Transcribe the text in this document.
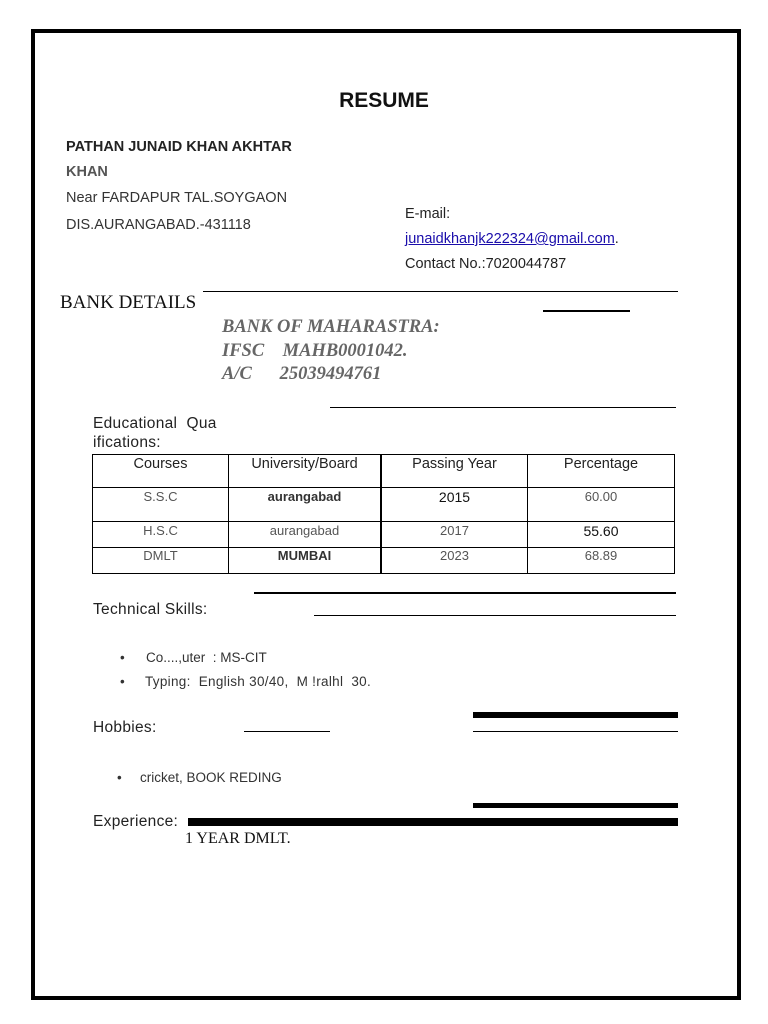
RESUME
PATHAN JUNAID KHAN AKHTAR
KHAN
Near FARDAPUR TAL.SOYGAON
DIS.AURANGABAD.-431118
E-mail:
junaidkhanjk222324@gmail.com.
Contact No.:7020044787
BANK DETAILS
BANK OF MAHARASTRA:
IFSC    MAHB0001042.
A/C      25039494761
Educational  Qua
ifications:
Courses	University/Board	Passing Year	Percentage
S.S.C	aurangabad	2015	60.00
H.S.C	aurangabad	2017	55.60
DMLT	MUMBAI	2023	68.89
Technical Skills:
• Co....,uter  : MS-CIT
• Typing:  English 30/40,  M !ralhl  30.
Hobbies:
• cricket, BOOK REDING
Experience:
1 YEAR DMLT.
